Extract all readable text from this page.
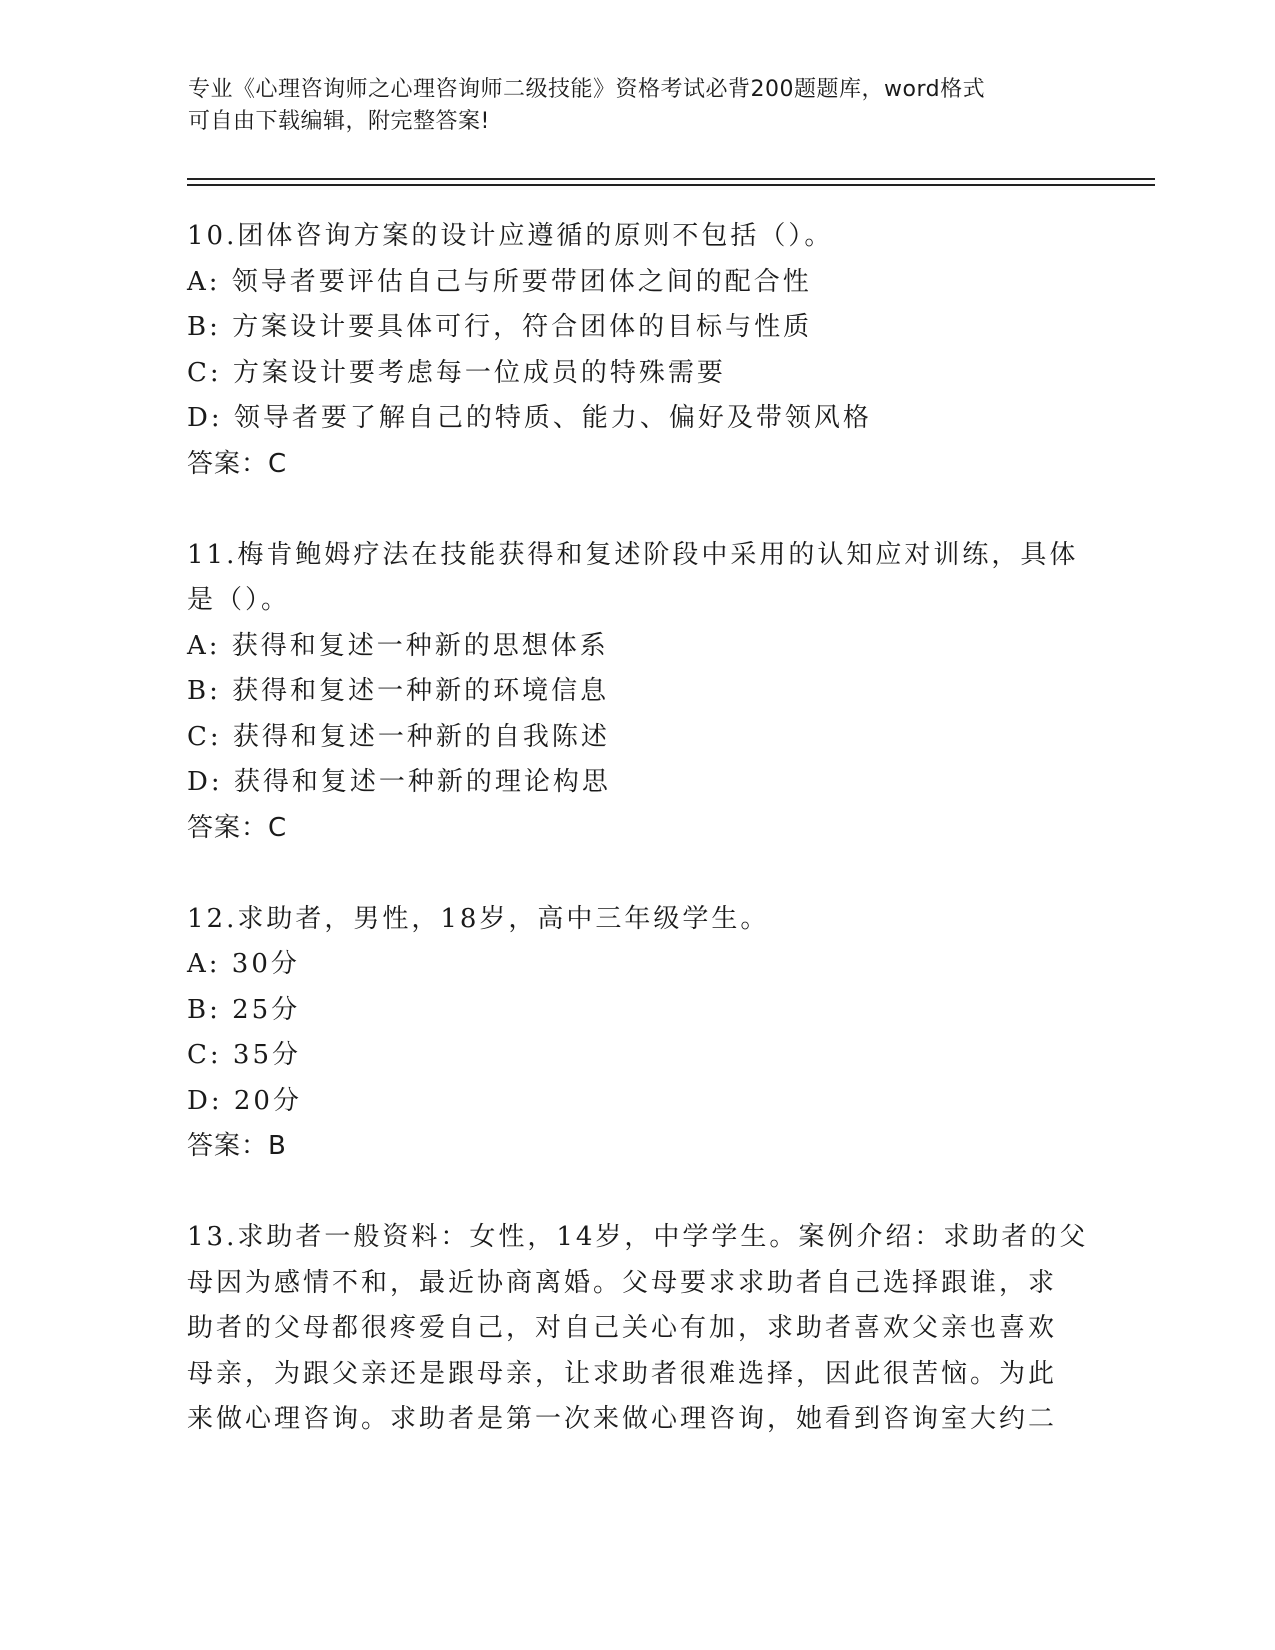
专业《心理咨询师之心理咨询师二级技能》资格考试必背200题题库，word格式
可自由下载编辑，附完整答案!
10.团体咨询方案的设计应遵循的原则不包括（）。
A: 领导者要评估自己与所要带团体之间的配合性
B: 方案设计要具体可行，符合团体的目标与性质
C: 方案设计要考虑每一位成员的特殊需要
D: 领导者要了解自己的特质、能力、偏好及带领风格
答案：C
11.梅肯鲍姆疗法在技能获得和复述阶段中采用的认知应对训练，具体
是（）。
A: 获得和复述一种新的思想体系
B: 获得和复述一种新的环境信息
C: 获得和复述一种新的自我陈述
D: 获得和复述一种新的理论构思
答案：C
12.求助者，男性，18岁，高中三年级学生。
A: 30分
B: 25分
C: 35分
D: 20分
答案：B
13.求助者一般资料：女性，14岁，中学学生。案例介绍：求助者的父
母因为感情不和，最近协商离婚。父母要求求助者自己选择跟谁，求
助者的父母都很疼爱自己，对自己关心有加，求助者喜欢父亲也喜欢
母亲，为跟父亲还是跟母亲，让求助者很难选择，因此很苦恼。为此
来做心理咨询。求助者是第一次来做心理咨询，她看到咨询室大约二
